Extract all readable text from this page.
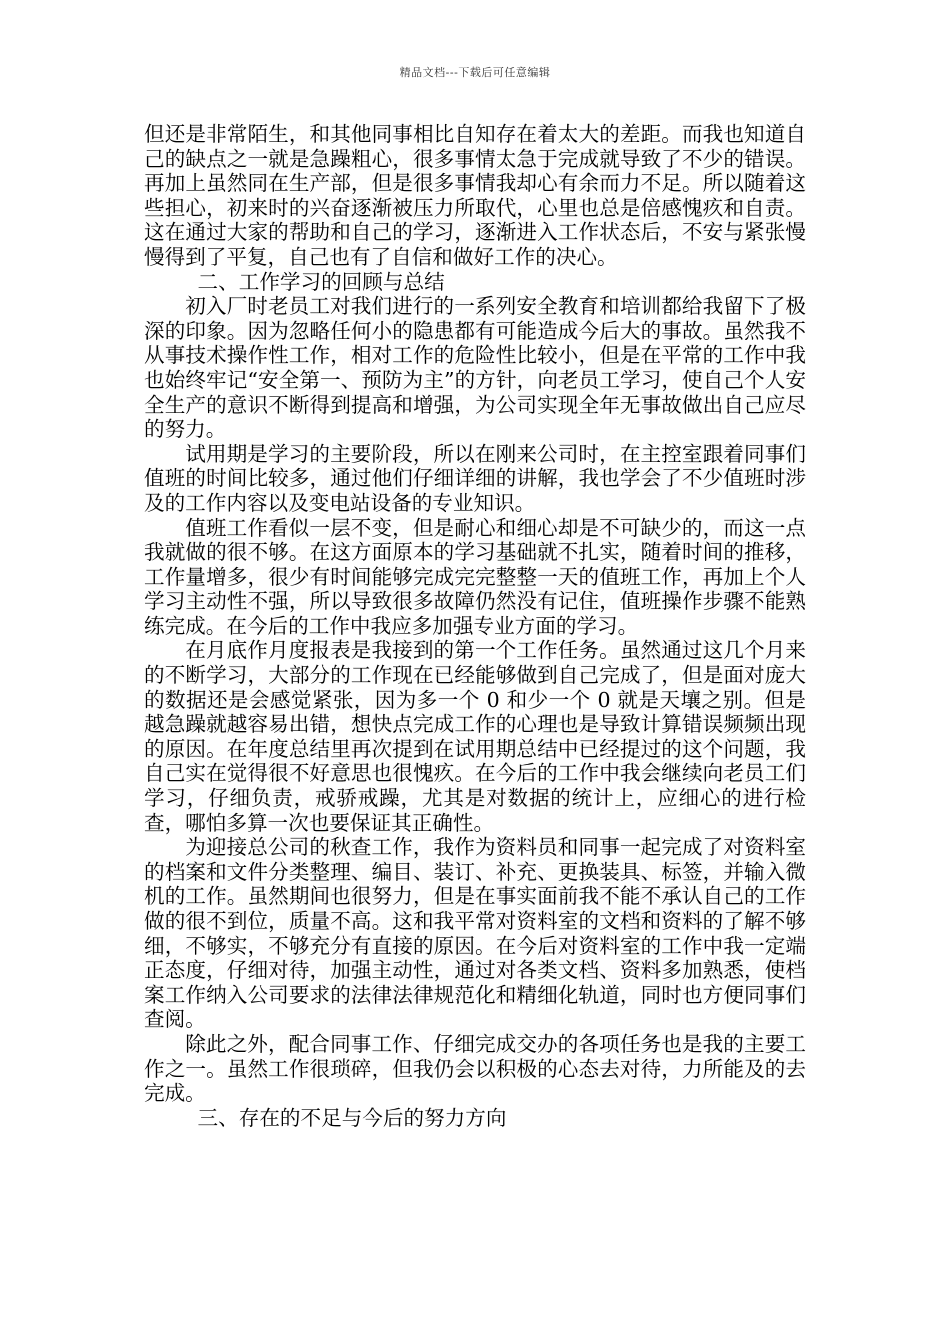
精品文档---下载后可任意编辑

但还是非常陌生，和其他同事相比自知存在着太大的差距。而我也知道自己的缺点之一就是急躁粗心，很多事情太急于完成就导致了不少的错误。再加上虽然同在生产部，但是很多事情我却心有余而力不足。所以随着这些担心，初来时的兴奋逐渐被压力所取代，心里也总是倍感愧疚和自责。这在通过大家的帮助和自己的学习，逐渐进入工作状态后，不安与紧张慢慢得到了平复，自己也有了自信和做好工作的决心。

二、工作学习的回顾与总结

初入厂时老员工对我们进行的一系列安全教育和培训都给我留下了极深的印象。因为忽略任何小的隐患都有可能造成今后大的事故。虽然我不从事技术操作性工作，相对工作的危险性比较小，但是在平常的工作中我也始终牢记“安全第一、预防为主”的方针，向老员工学习，使自己个人安全生产的意识不断得到提高和增强，为公司实现全年无事故做出自己应尽的努力。

试用期是学习的主要阶段，所以在刚来公司时，在主控室跟着同事们值班的时间比较多，通过他们仔细详细的讲解，我也学会了不少值班时涉及的工作内容以及变电站设备的专业知识。

值班工作看似一层不变，但是耐心和细心却是不可缺少的，而这一点我就做的很不够。在这方面原本的学习基础就不扎实，随着时间的推移，工作量增多，很少有时间能够完成完完整整一天的值班工作，再加上个人学习主动性不强，所以导致很多故障仍然没有记住，值班操作步骤不能熟练完成。在今后的工作中我应多加强专业方面的学习。

在月底作月度报表是我接到的第一个工作任务。虽然通过这几个月来的不断学习，大部分的工作现在已经能够做到自己完成了，但是面对庞大的数据还是会感觉紧张，因为多一个 0 和少一个 0 就是天壤之别。但是越急躁就越容易出错，想快点完成工作的心理也是导致计算错误频频出现的原因。在年度总结里再次提到在试用期总结中已经提过的这个问题，我自己实在觉得很不好意思也很愧疚。在今后的工作中我会继续向老员工们学习，仔细负责，戒骄戒躁，尤其是对数据的统计上，应细心的进行检查，哪怕多算一次也要保证其正确性。

为迎接总公司的秋查工作，我作为资料员和同事一起完成了对资料室的档案和文件分类整理、编目、装订、补充、更换装具、标签，并输入微机的工作。虽然期间也很努力，但是在事实面前我不能不承认自己的工作做的很不到位，质量不高。这和我平常对资料室的文档和资料的了解不够细，不够实，不够充分有直接的原因。在今后对资料室的工作中我一定端正态度，仔细对待，加强主动性，通过对各类文档、资料多加熟悉，使档案工作纳入公司要求的法律法律规范化和精细化轨道，同时也方便同事们查阅。

除此之外，配合同事工作、仔细完成交办的各项任务也是我的主要工作之一。虽然工作很琐碎，但我仍会以积极的心态去对待，力所能及的去完成。

三、存在的不足与今后的努力方向
